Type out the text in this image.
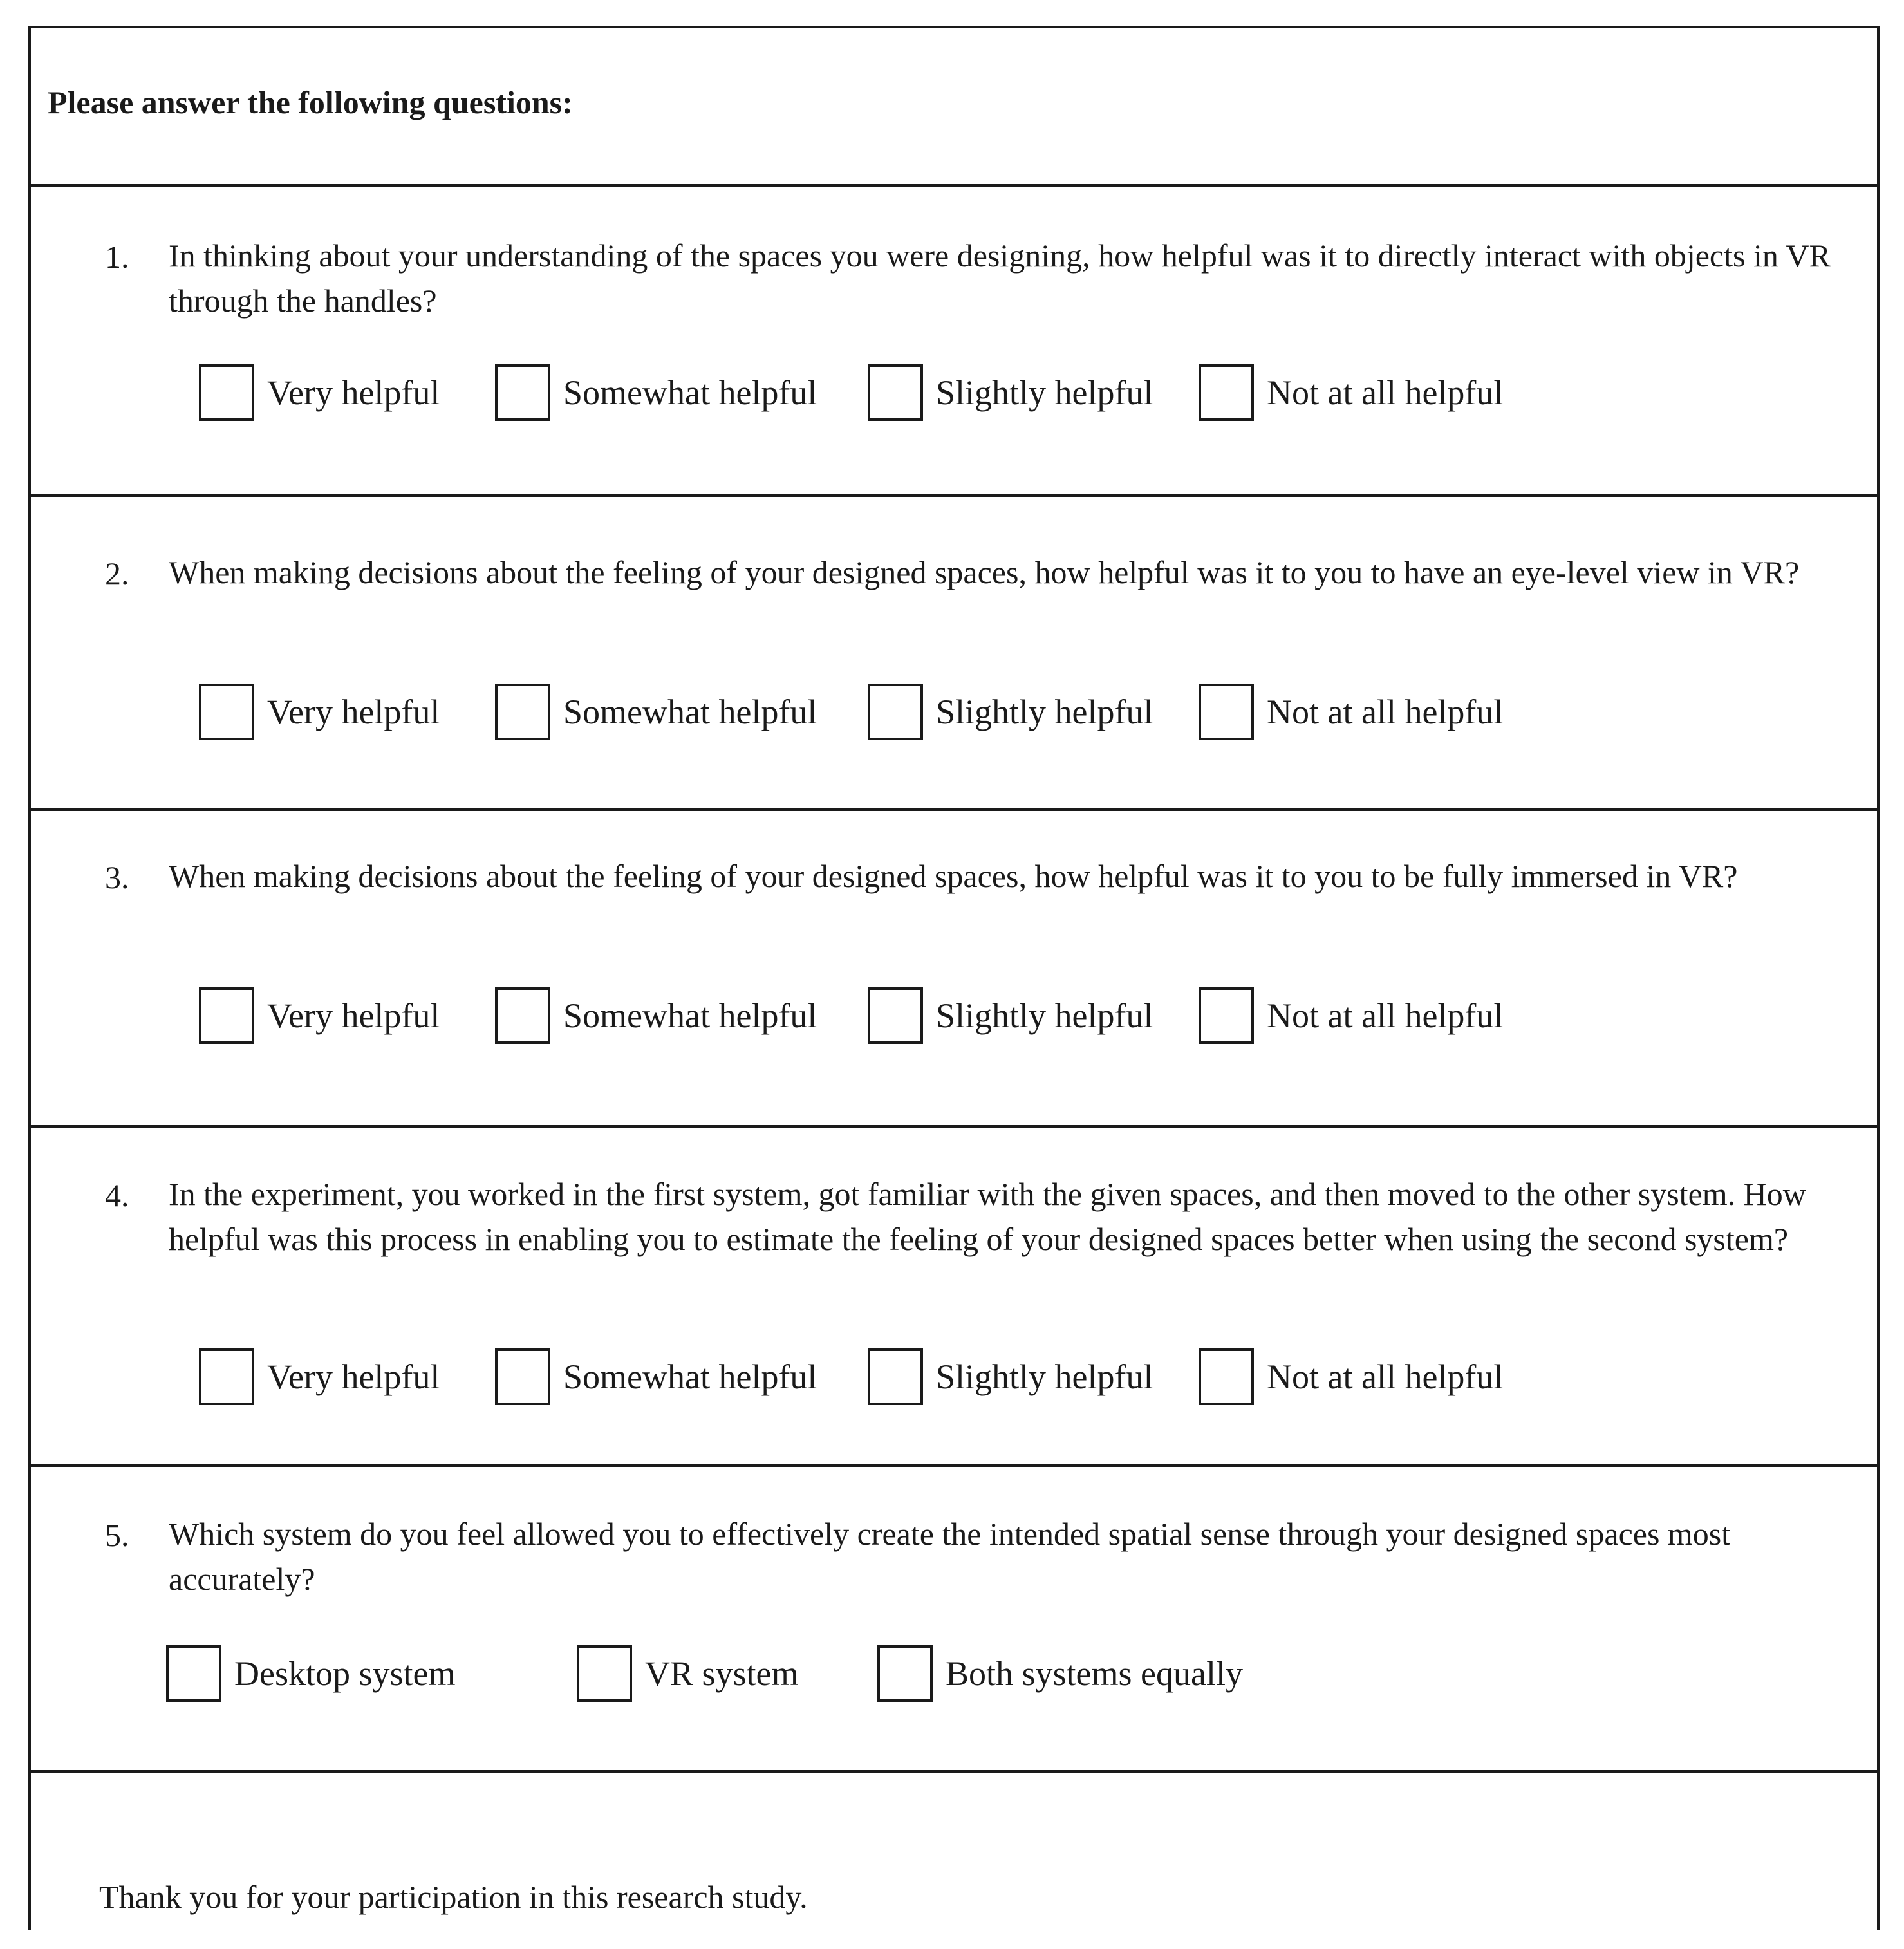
Please answer the following questions:
1. In thinking about your understanding of the spaces you were designing, how helpful was it to directly interact with objects in VR through the handles?
Very helpful	Somewhat helpful	Slightly helpful	Not at all helpful
2. When making decisions about the feeling of your designed spaces, how helpful was it to you to have an eye-level view in VR?
Very helpful	Somewhat helpful	Slightly helpful	Not at all helpful
3. When making decisions about the feeling of your designed spaces, how helpful was it to you to be fully immersed in VR?
Very helpful	Somewhat helpful	Slightly helpful	Not at all helpful
4. In the experiment, you worked in the first system, got familiar with the given spaces, and then moved to the other system. How helpful was this process in enabling you to estimate the feeling of your designed spaces better when using the second system?
Very helpful	Somewhat helpful	Slightly helpful	Not at all helpful
5. Which system do you feel allowed you to effectively create the intended spatial sense through your designed spaces most accurately?
Desktop system	VR system	Both systems equally
Thank you for your participation in this research study.
